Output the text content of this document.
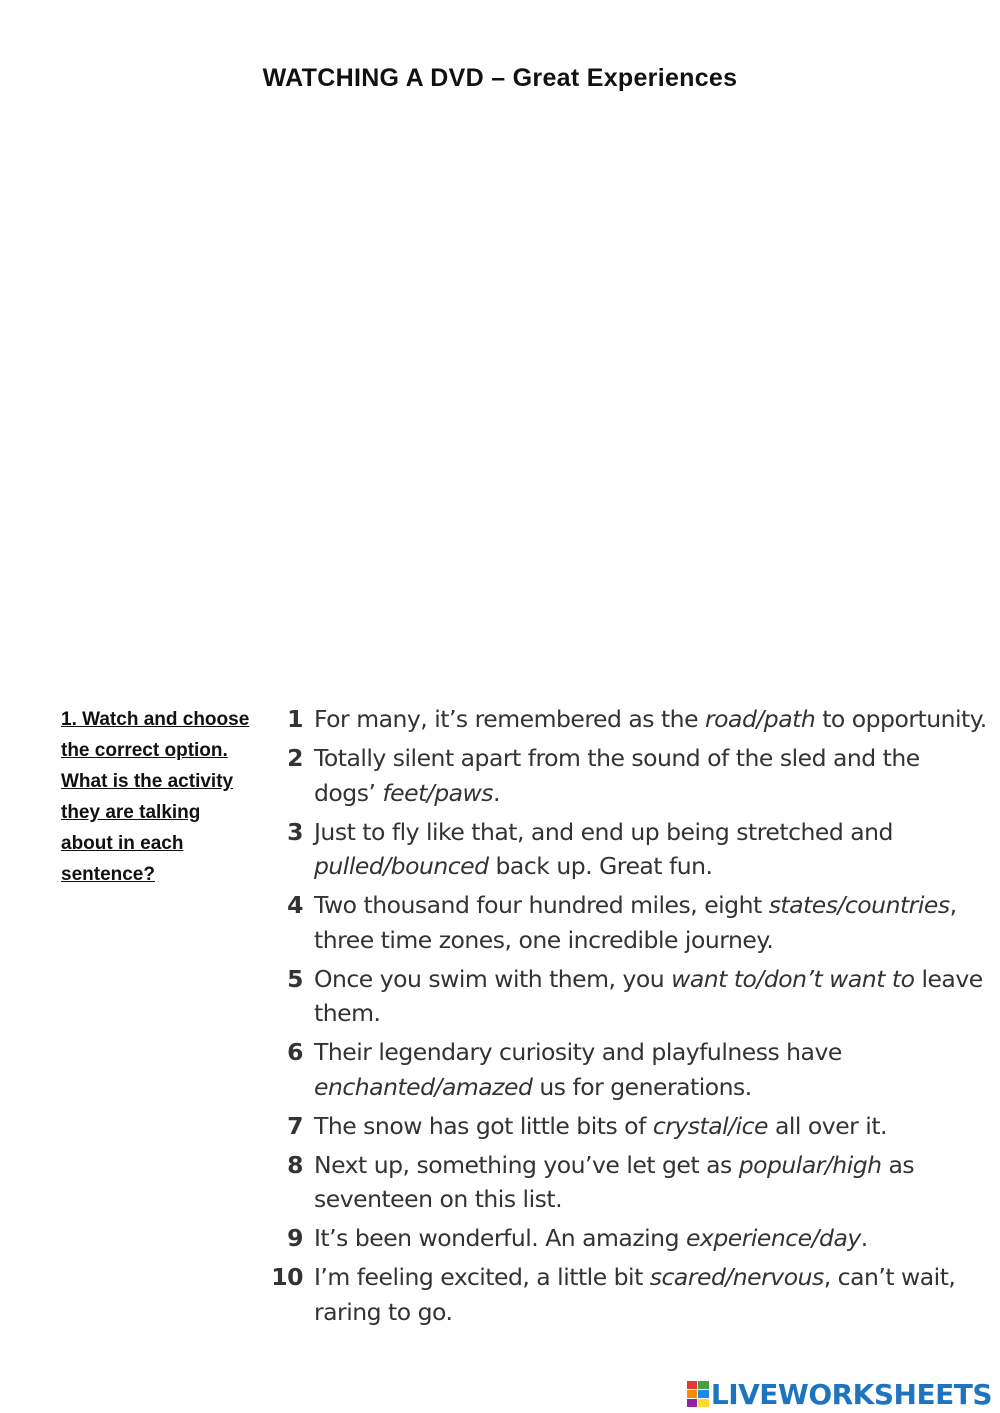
WATCHING A DVD – Great Experiences
1. Watch and choose the correct option. What is the activity they are talking about in each sentence?
1 For many, it’s remembered as the road/path to opportunity.
2 Totally silent apart from the sound of the sled and the dogs’ feet/paws.
3 Just to fly like that, and end up being stretched and pulled/bounced back up. Great fun.
4 Two thousand four hundred miles, eight states/countries, three time zones, one incredible journey.
5 Once you swim with them, you want to/don’t want to leave them.
6 Their legendary curiosity and playfulness have enchanted/amazed us for generations.
7 The snow has got little bits of crystal/ice all over it.
8 Next up, something you’ve let get as popular/high as seventeen on this list.
9 It’s been wonderful. An amazing experience/day.
10 I’m feeling excited, a little bit scared/nervous, can’t wait, raring to go.
LIVEWORKSHEETS
